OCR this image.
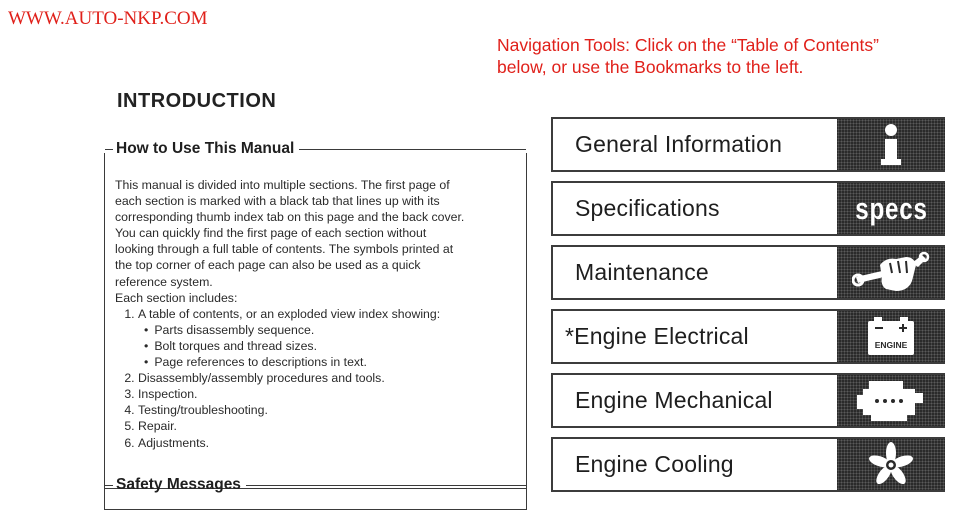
WWW.AUTO-NKP.COM
Navigation Tools: Click on the “Table of Contents”
below, or use the Bookmarks to the left.
INTRODUCTION
How to Use This Manual

This manual is divided into multiple sections. The first page of
each section is marked with a black tab that lines up with its
corresponding thumb index tab on this page and the back cover.
You can quickly find the first page of each section without
looking through a full table of contents. The symbols printed at
the top corner of each page can also be used as a quick
reference system.

Each section includes:

1. A table of contents, or an exploded view index showing:
• Parts disassembly sequence.
• Bolt torques and thread sizes.
• Page references to descriptions in text.
2. Disassembly/assembly procedures and tools.
3. Inspection.
4. Testing/troubleshooting.
5. Repair.
6. Adjustments.
Safety Messages
General Information
Specifications	specs
Maintenance
*Engine Electrical	ENGINE
Engine Mechanical
Engine Cooling
